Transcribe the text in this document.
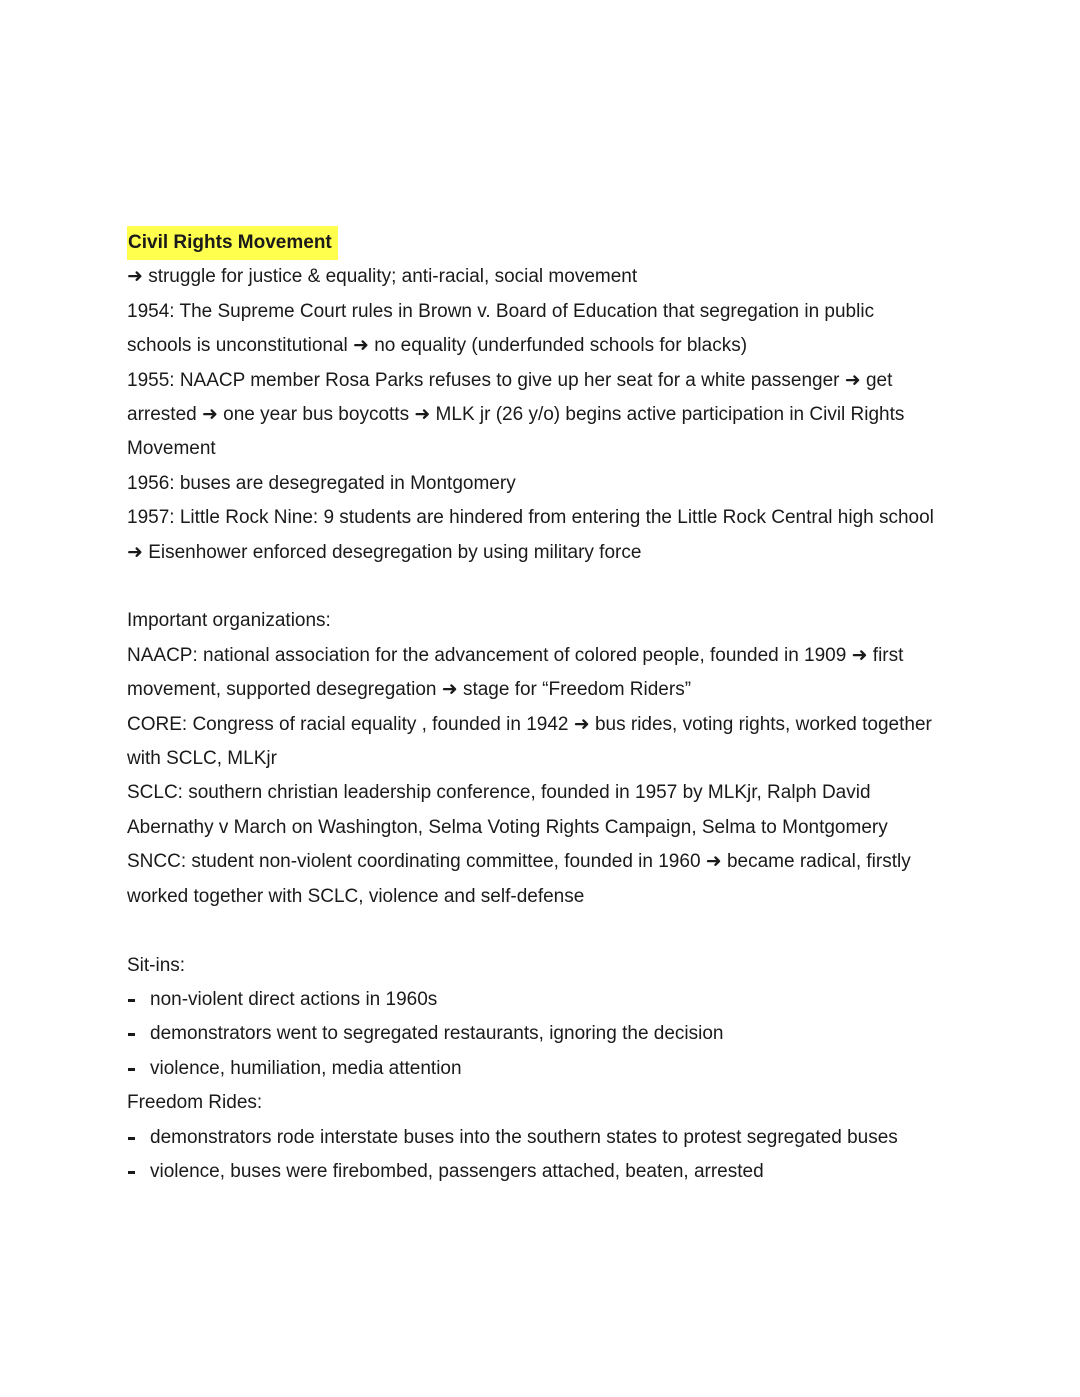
Civil Rights Movement
➜ struggle for justice & equality; anti-racial, social movement
1954: The Supreme Court rules in Brown v. Board of Education that segregation in public
schools is unconstitutional ➜ no equality (underfunded schools for blacks)
1955: NAACP member Rosa Parks refuses to give up her seat for a white passenger ➜ get
arrested ➜ one year bus boycotts ➜ MLK jr (26 y/o) begins active participation in Civil Rights
Movement
1956: buses are desegregated in Montgomery
1957: Little Rock Nine: 9 students are hindered from entering the Little Rock Central high school
➜ Eisenhower enforced desegregation by using military force
Important organizations:
NAACP: national association for the advancement of colored people, founded in 1909 ➜ first
movement, supported desegregation ➜ stage for “Freedom Riders”
CORE: Congress of racial equality , founded in 1942 ➜ bus rides, voting rights, worked together
with SCLC, MLKjr
SCLC: southern christian leadership conference, founded in 1957 by MLKjr, Ralph David
Abernathy v March on Washington, Selma Voting Rights Campaign, Selma to Montgomery
SNCC: student non-violent coordinating committee, founded in 1960 ➜ became radical, firstly
worked together with SCLC, violence and self-defense
Sit-ins:
non-violent direct actions in 1960s
demonstrators went to segregated restaurants, ignoring the decision
violence, humiliation, media attention
Freedom Rides:
demonstrators rode interstate buses into the southern states to protest segregated buses
violence, buses were firebombed, passengers attached, beaten, arrested
